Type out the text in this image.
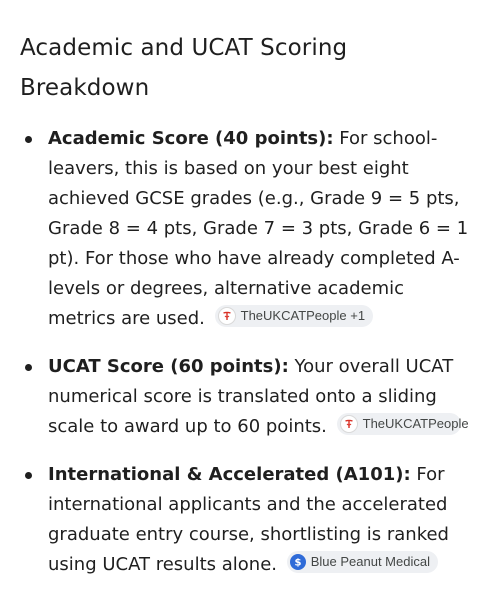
Academic and UCAT Scoring Breakdown
Academic Score (40 points): For school-leavers, this is based on your best eight achieved GCSE grades (e.g., Grade 9 = 5 pts, Grade 8 = 4 pts, Grade 7 = 3 pts, Grade 6 = 1 pt). For those who have already completed A-levels or degrees, alternative academic metrics are used.	TheUKCATPeople +1
UCAT Score (60 points): Your overall UCAT numerical score is translated onto a sliding scale to award up to 60 points.	TheUKCATPeople
International & Accelerated (A101): For international applicants and the accelerated graduate entry course, shortlisting is ranked using UCAT results alone. $ Blue Peanut Medical
